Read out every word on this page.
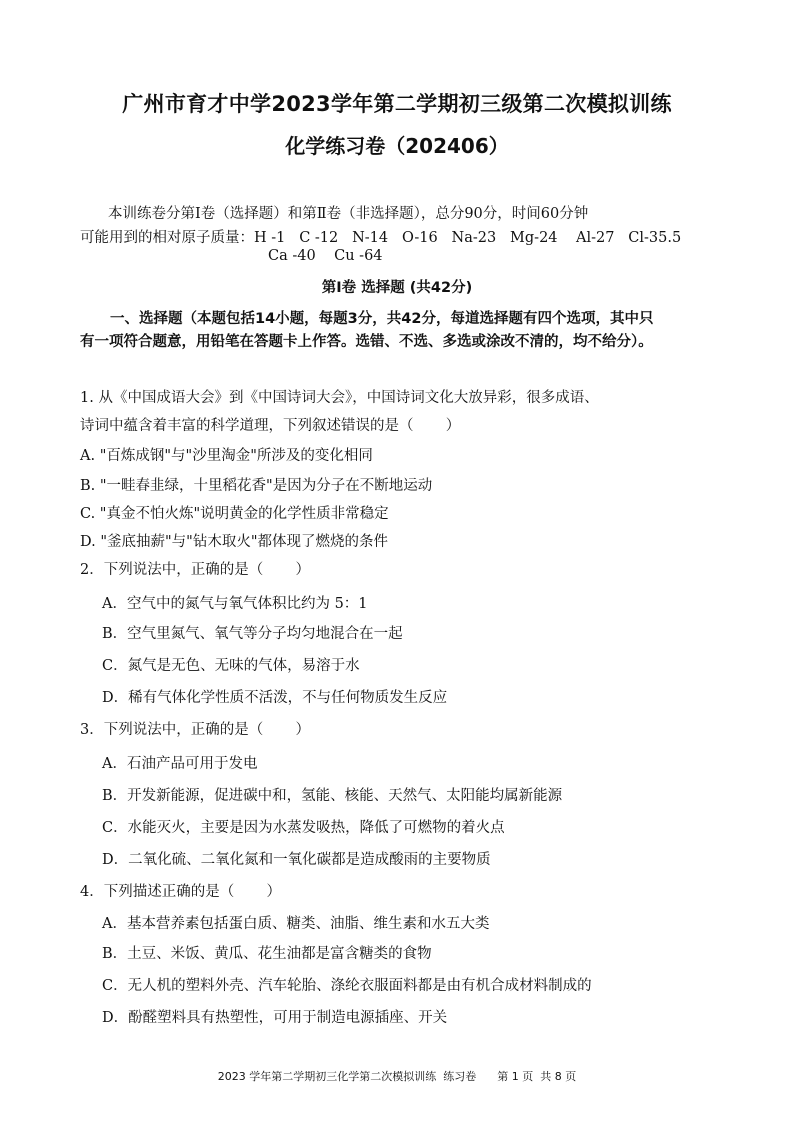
广州市育才中学2023学年第二学期初三级第二次模拟训练
化学练习卷（202406）
本训练卷分第Ⅰ卷（选择题）和第Ⅱ卷（非选择题），总分90分，时间60分钟
可能用到的相对原子质量：H -1   C -12   N-14   O-16   Na-23   Mg-24    Al-27   Cl-35.5
Ca -40    Cu -64
第Ⅰ卷 选择题 (共42分)
一、选择题（本题包括14小题，每题3分，共42分，每道选择题有四个选项，其中只
有一项符合题意，用铅笔在答题卡上作答。选错、不选、多选或涂改不清的，均不给分）。
1. 从《中国成语大会》到《中国诗词大会》，中国诗词文化大放异彩，很多成语、
诗词中蕴含着丰富的科学道理，下列叙述错误的是（       ）
A. "百炼成钢"与"沙里淘金"所涉及的变化相同
B. "一畦春韭绿，十里稻花香"是因为分子在不断地运动
C. "真金不怕火炼"说明黄金的化学性质非常稳定
D. "釜底抽薪"与"钻木取火"都体现了燃烧的条件
2．下列说法中，正确的是（       ）
A．空气中的氮气与氧气体积比约为 5：1
B．空气里氮气、氧气等分子均匀地混合在一起
C．氮气是无色、无味的气体，易溶于水
D．稀有气体化学性质不活泼，不与任何物质发生反应
3．下列说法中，正确的是（       ）
A．石油产品可用于发电
B．开发新能源，促进碳中和，氢能、核能、天然气、太阳能均属新能源
C．水能灭火，主要是因为水蒸发吸热，降低了可燃物的着火点
D．二氧化硫、二氧化氮和一氧化碳都是造成酸雨的主要物质
4．下列描述正确的是（       ）
A．基本营养素包括蛋白质、糖类、油脂、维生素和水五大类
B．土豆、米饭、黄瓜、花生油都是富含糖类的食物
C．无人机的塑料外壳、汽车轮胎、涤纶衣服面料都是由有机合成材料制成的
D．酚醛塑料具有热塑性，可用于制造电源插座、开关
2023 学年第二学期初三化学第二次模拟训练  练习卷      第 1 页  共 8 页
